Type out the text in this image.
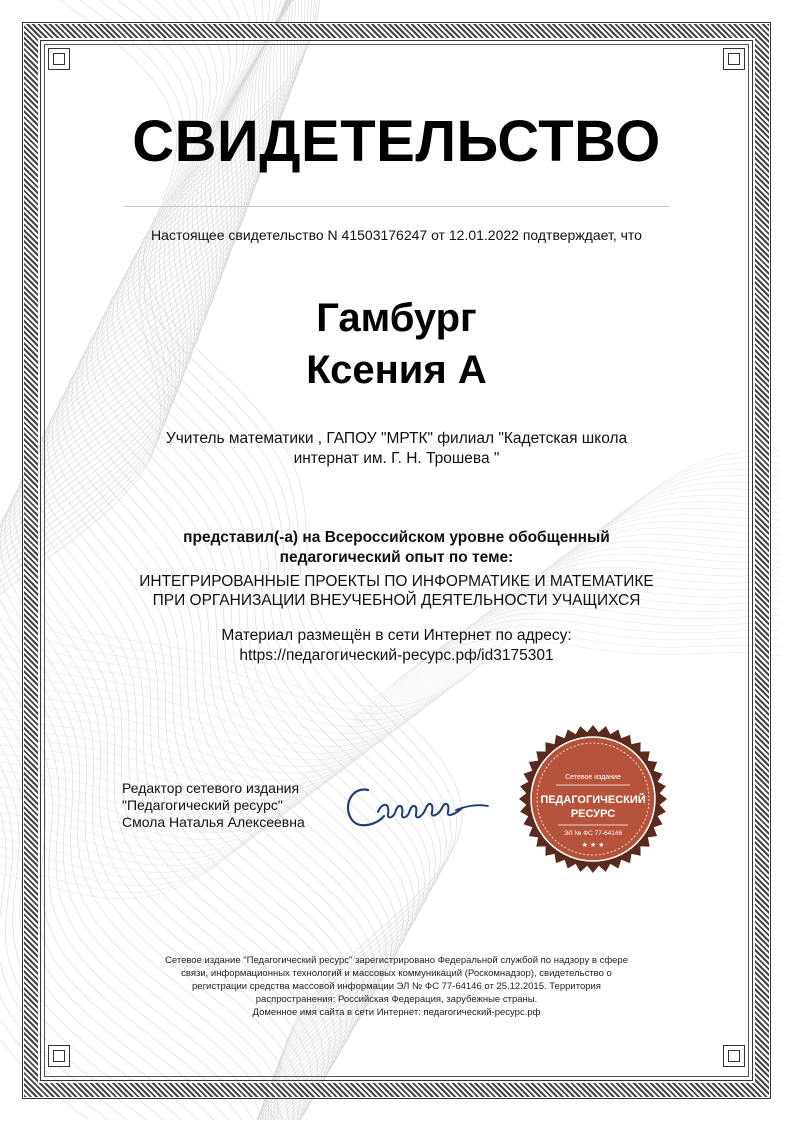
СВИДЕТЕЛЬСТВО
Настоящее свидетельство N 41503176247 от 12.01.2022 подтверждает, что
Гамбург
Ксения А
Учитель математики , ГАПОУ "МРТК" филиал "Кадетская школа
интернат им. Г. Н. Трошева "
представил(-а) на Всероссийском уровне обобщенный
педагогический опыт по теме:
ИНТЕГРИРОВАННЫЕ ПРОЕКТЫ ПО ИНФОРМАТИКЕ И МАТЕМАТИКЕ
ПРИ ОРГАНИЗАЦИИ ВНЕУЧЕБНОЙ ДЕЯТЕЛЬНОСТИ УЧАЩИХСЯ
Материал размещён в сети Интернет по адресу:
https://педагогический-ресурс.рф/id3175301
Редактор сетевого издания
"Педагогический ресурс"
Смола Наталья Алексеевна
Сетевое издание
ПЕДАГОГИЧЕСКИЙ
РЕСУРС
ЭЛ № ФС 77-64146
★ ★ ★
Сетевое издание "Педагогический ресурс" зарегистрировано Федеральной службой по надзору в сфере
связи, информационных технологий и массовых коммуникаций (Роскомнадзор), свидетельство о
регистрации средства массовой информации ЭЛ № ФС 77-64146 от 25.12.2015. Территория
распространения: Российская Федерация, зарубежные страны.
Доменное имя сайта в сети Интернет: педагогический-ресурс.рф
